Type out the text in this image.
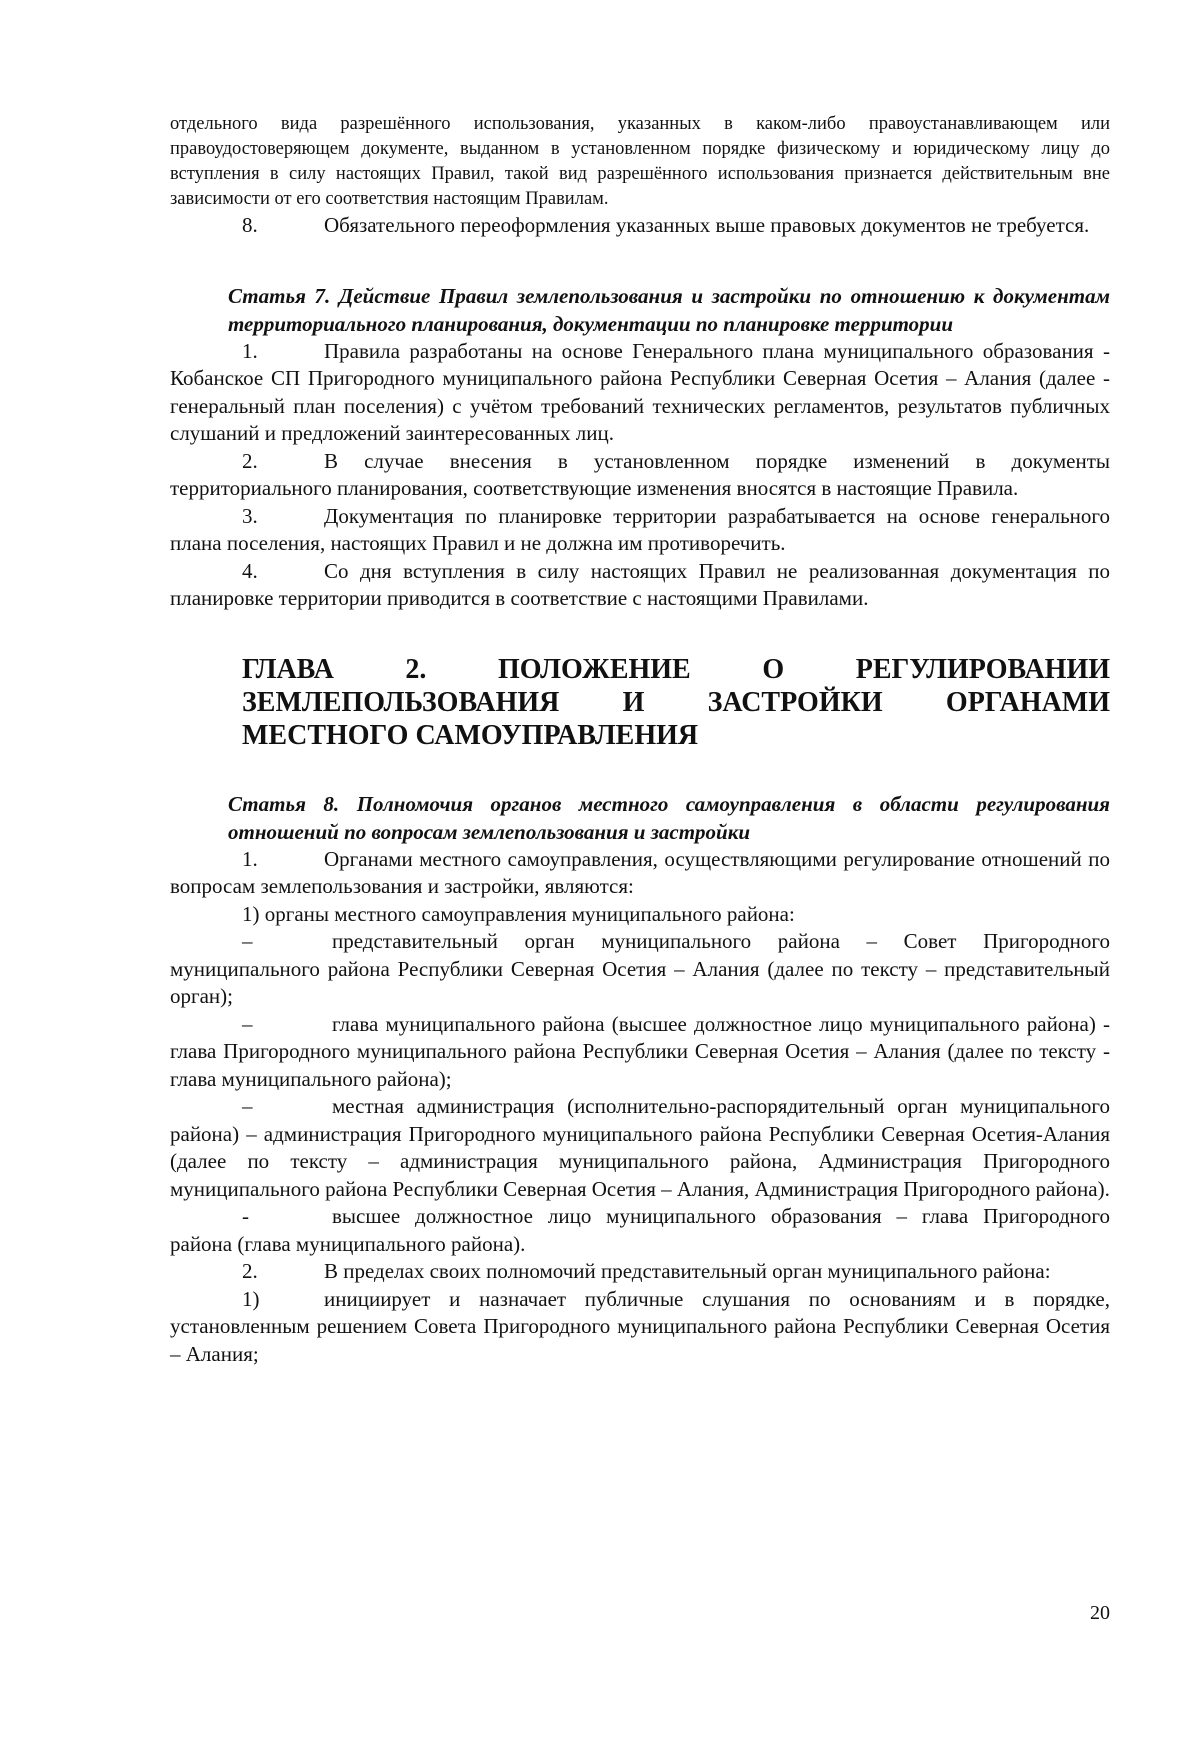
отдельного вида разрешённого использования, указанных в каком-либо правоустанавливающем или правоудостоверяющем документе, выданном в установленном порядке физическому и юридическому лицу до вступления в силу настоящих Правил, такой вид разрешённого использования признается действительным вне зависимости от его соответствия настоящим Правилам.

8.	Обязательного переоформления указанных выше правовых документов не требуется.

Статья 7. Действие Правил землепользования и застройки по отношению к документам территориального планирования, документации по планировке территории

1.	Правила разработаны на основе Генерального плана муниципального образования - Кобанское СП Пригородного муниципального района Республики Северная Осетия – Алания (далее - генеральный план поселения) с учётом требований технических регламентов, результатов публичных слушаний и предложений заинтересованных лиц.

2.	В случае внесения в установленном порядке изменений в документы территориального планирования, соответствующие изменения вносятся в настоящие Правила.

3.	Документация по планировке территории разрабатывается на основе генерального плана поселения, настоящих Правил и не должна им противоречить.

4.	Со дня вступления в силу настоящих Правил не реализованная документация по планировке территории приводится в соответствие с настоящими Правилами.

ГЛАВА 2. ПОЛОЖЕНИЕ О РЕГУЛИРОВАНИИ ЗЕМЛЕПОЛЬЗОВАНИЯ И ЗАСТРОЙКИ ОРГАНАМИ МЕСТНОГО САМОУПРАВЛЕНИЯ

Статья 8. Полномочия органов местного самоуправления в области регулирования отношений по вопросам землепользования и застройки

1.	Органами местного самоуправления, осуществляющими регулирование отношений по вопросам землепользования и застройки, являются:

1) органы местного самоуправления муниципального района:

–	представительный орган муниципального района – Совет Пригородного муниципального района Республики Северная Осетия – Алания (далее по тексту – представительный орган);

–	глава муниципального района (высшее должностное лицо муниципального района) - глава Пригородного муниципального района Республики Северная Осетия – Алания (далее по тексту - глава муниципального района);

–	местная администрация (исполнительно-распорядительный орган муниципального района) – администрация Пригородного муниципального района Республики Северная Осетия-Алания (далее по тексту – администрация муниципального района, Администрация Пригородного муниципального района Республики Северная Осетия – Алания, Администрация Пригородного района).

-	высшее должностное лицо муниципального образования – глава Пригородного района (глава муниципального района).

2.	В пределах своих полномочий представительный орган муниципального района:

1)	инициирует и назначает публичные слушания по основаниям и в порядке, установленным решением Совета Пригородного муниципального района Республики Северная Осетия – Алания;

20
